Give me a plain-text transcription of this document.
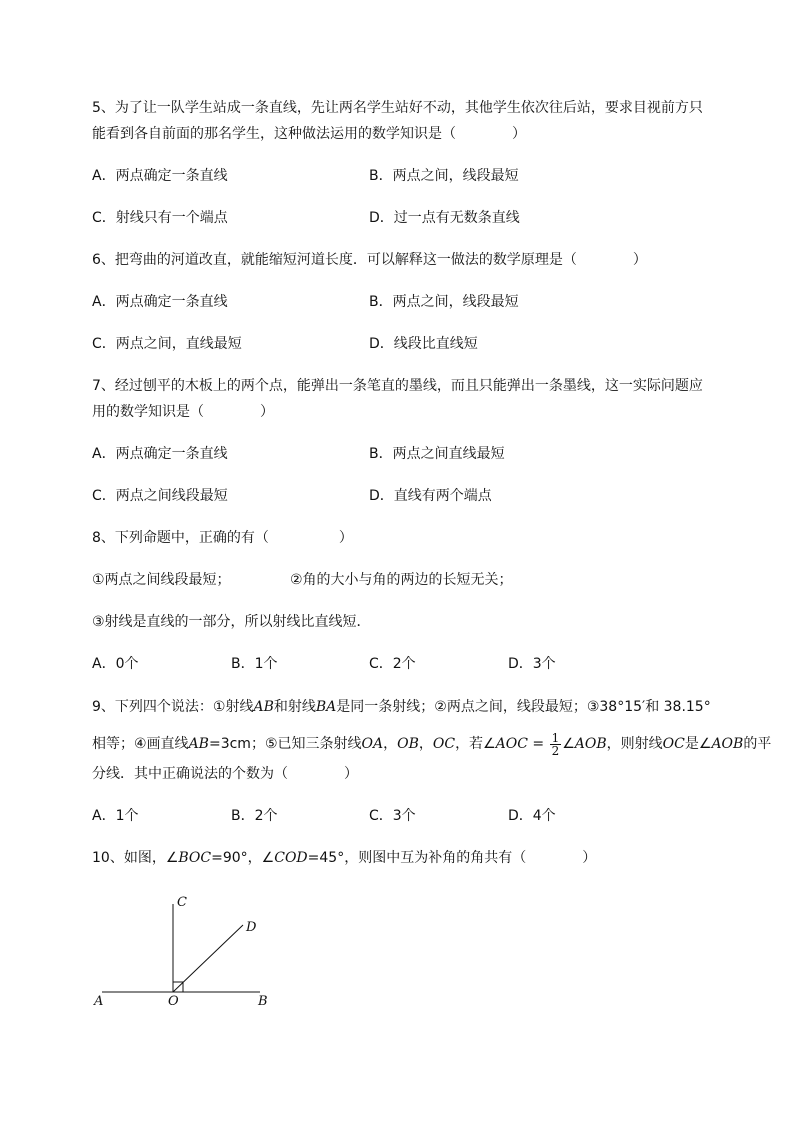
5、为了让一队学生站成一条直线，先让两名学生站好不动，其他学生依次往后站，要求目视前方只
能看到各自前面的那名学生，这种做法运用的数学知识是（　　　　）
A．两点确定一条直线	B．两点之间，线段最短
C．射线只有一个端点	D．过一点有无数条直线
6、把弯曲的河道改直，就能缩短河道长度．可以解释这一做法的数学原理是（　　　　）
A．两点确定一条直线	B．两点之间，线段最短
C．两点之间，直线最短	D．线段比直线短
7、经过刨平的木板上的两个点，能弹出一条笔直的墨线，而且只能弹出一条墨线，这一实际问题应
用的数学知识是（　　　　）
A．两点确定一条直线	B．两点之间直线最短
C．两点之间线段最短	D．直线有两个端点
8、下列命题中，正确的有（　　　　　）
①两点之间线段最短；	②角的大小与角的两边的长短无关；
③射线是直线的一部分，所以射线比直线短．
A．0个	B．1个	C．2个	D．3个
9、下列四个说法：①射线AB和射线BA是同一条射线；②两点之间，线段最短；③38°15′和 38.15°
相等；④画直线AB=3cm；⑤已知三条射线OA，OB，OC，若∠AOC = $\frac{1}{2}$ ∠AOB，则射线OC是∠AOB的平
分线．其中正确说法的个数为（　　　　）
A．1个	B．2个	C．3个	D．4个
10、如图，∠BOC=90°，∠COD=45°，则图中互为补角的角共有（　　　　）
C
D
A	O	B
